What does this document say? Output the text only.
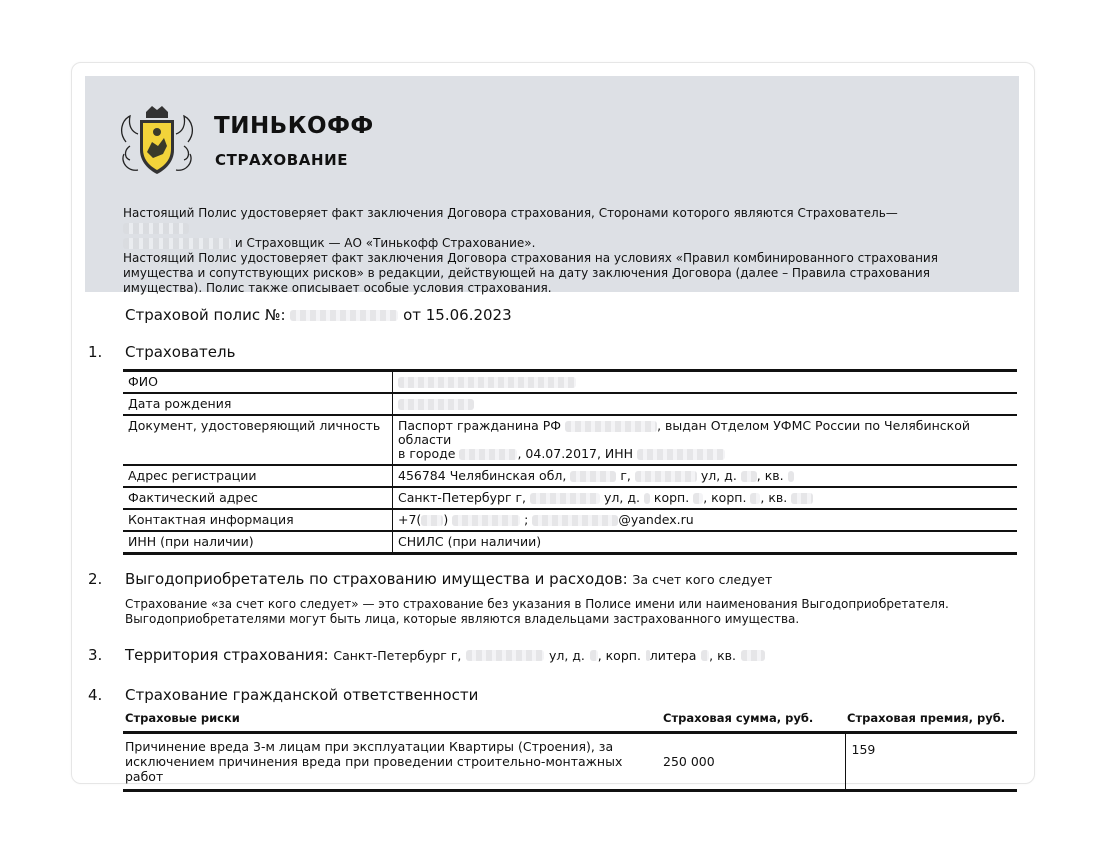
ТИНЬКОФФ
СТРАХОВАНИЕ

Настоящий Полис удостоверяет факт заключения Договора страхования, Сторонами которого являются Страхователь—
и Страховщик — АО «Тинькофф Страхование».

Настоящий Полис удостоверяет факт заключения Договора страхования на условиях «Правил комбинированного страхования имущества и сопутствующих рисков» в редакции, действующей на дату заключения Договора (далее – Правила страхования имущества). Полис также описывает особые условия страхования.

Страховой полис №:	от 15.06.2023
1. Страхователь
ФИО	
Дата рождения	
Документ, удостоверяющий личность	Паспорт гражданина РФ , выдан Отделом УФМС России по Челябинской области
в городе , 04.07.2017, ИНН
Адрес регистрации	456784 Челябинская обл, г, ул, д. , кв.
Фактический адрес	Санкт-Петербург г, ул, д. корп. , корп. , кв.
Контактная информация	+7( ) ; @yandex.ru
ИНН (при наличии)	СНИЛС (при наличии)
2. Выгодоприобретатель по страхованию имущества и расходов: За счет кого следует

Страхование «за счет кого следует» — это страхование без указания в Полисе имени или наименования Выгодоприобретателя.

Выгодоприобретателями могут быть лица, которые являются владельцами застрахованного имущества.

3. Территория страхования: Санкт-Петербург г,	ул, д. , корп. литера , кв.
4. Страхование гражданской ответственности
Страховые риски	Страховая сумма, руб.	Страховая премия, руб.
Причинение вреда 3-м лицам при эксплуатации Квартиры (Строения), за исключением причинения вреда при проведении строительно-монтажных работ	250 000	159
